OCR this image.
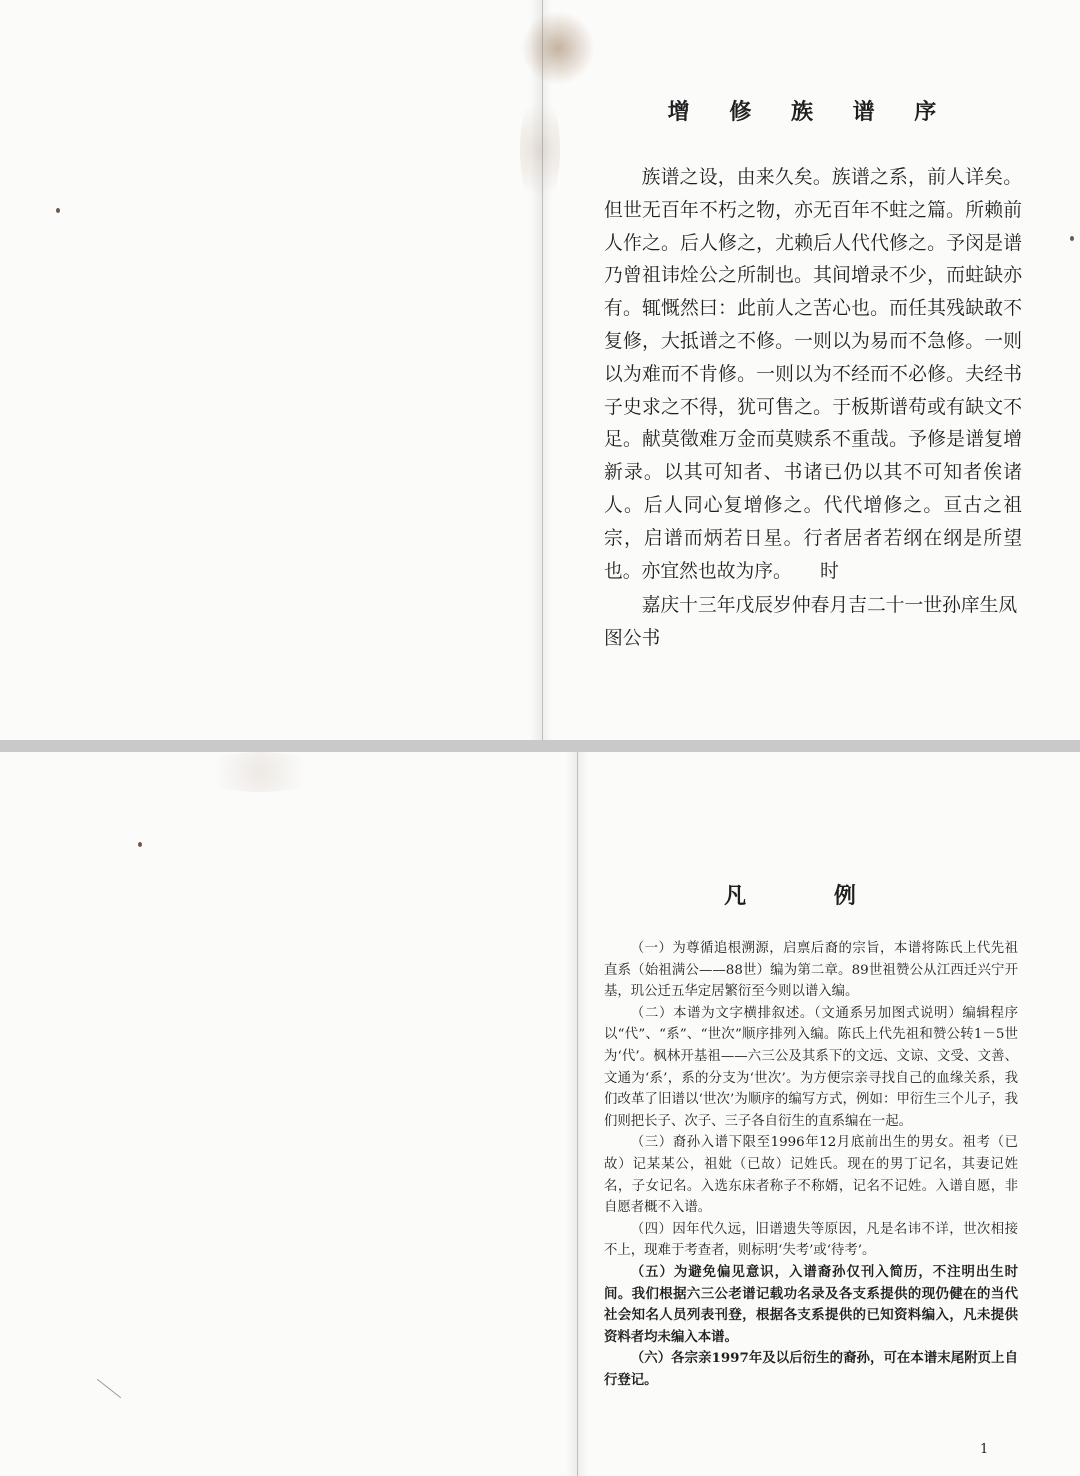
增 修 族 谱 序

族谱之设，由来久矣。族谱之系，前人详矣。但世无百年不朽之物，亦无百年不蛀之篇。所赖前人作之。后人修之，尤赖后人代代修之。予闵是谱乃曾祖讳烇公之所制也。其间增录不少，而蛀缺亦有。辄慨然曰：此前人之苦心也。而任其残缺敢不复修，大抵谱之不修。一则以为易而不急修。一则以为难而不肯修。一则以为不经而不必修。夫经书子史求之不得，犹可售之。于板斯谱苟或有缺文不足。献莫徵难万金而莫赎系不重哉。予修是谱复增新录。以其可知者、书诸已仍以其不可知者俟诸人。后人同心复增修之。代代增修之。亘古之祖宗，启谱而炳若日星。行者居者若纲在纲是所望也。亦宜然也故为序。　　时

嘉庆十三年戊辰岁仲春月吉二十一世孙庠生凤图公书

凡 例

（一）为尊循追根溯源，启禀后裔的宗旨，本谱将陈氏上代先祖直系（始祖满公——88世）编为第二章。89世祖赞公从江西迁兴宁开基，玑公迁五华定居繁衍至今则以谱入编。

（二）本谱为文字横排叙述。（文通系另加图式说明）编辑程序以“代”、“系”、“世次”顺序排列入编。陈氏上代先祖和赞公转1－5世为‘代’。枫林开基祖——六三公及其系下的文远、文谅、文受、文善、文通为‘系’，系的分支为‘世次’。为方便宗亲寻找自己的血缘关系，我们改革了旧谱以‘世次’为顺序的编写方式，例如：甲衍生三个儿子，我们则把长子、次子、三子各自衍生的直系编在一起。

（三）裔孙入谱下限至1996年12月底前出生的男女。祖考（已故）记某某公，祖妣（已故）记姓氏。现在的男丁记名，其妻记姓名，子女记名。入选东床者称子不称婿，记名不记姓。入谱自愿，非自愿者概不入谱。

（四）因年代久远，旧谱遗失等原因，凡是名讳不详，世次相接不上，现难于考查者，则标明‘失考’或‘待考’。

（五）为避免偏见意识，入谱裔孙仅刊入简历，不注明出生时间。我们根据六三公老谱记载功名录及各支系提供的现仍健在的当代社会知名人员列表刊登，根据各支系提供的已知资料编入，凡未提供资料者均未编入本谱。

（六）各宗亲1997年及以后衍生的裔孙，可在本谱末尾附页上自行登记。

1
